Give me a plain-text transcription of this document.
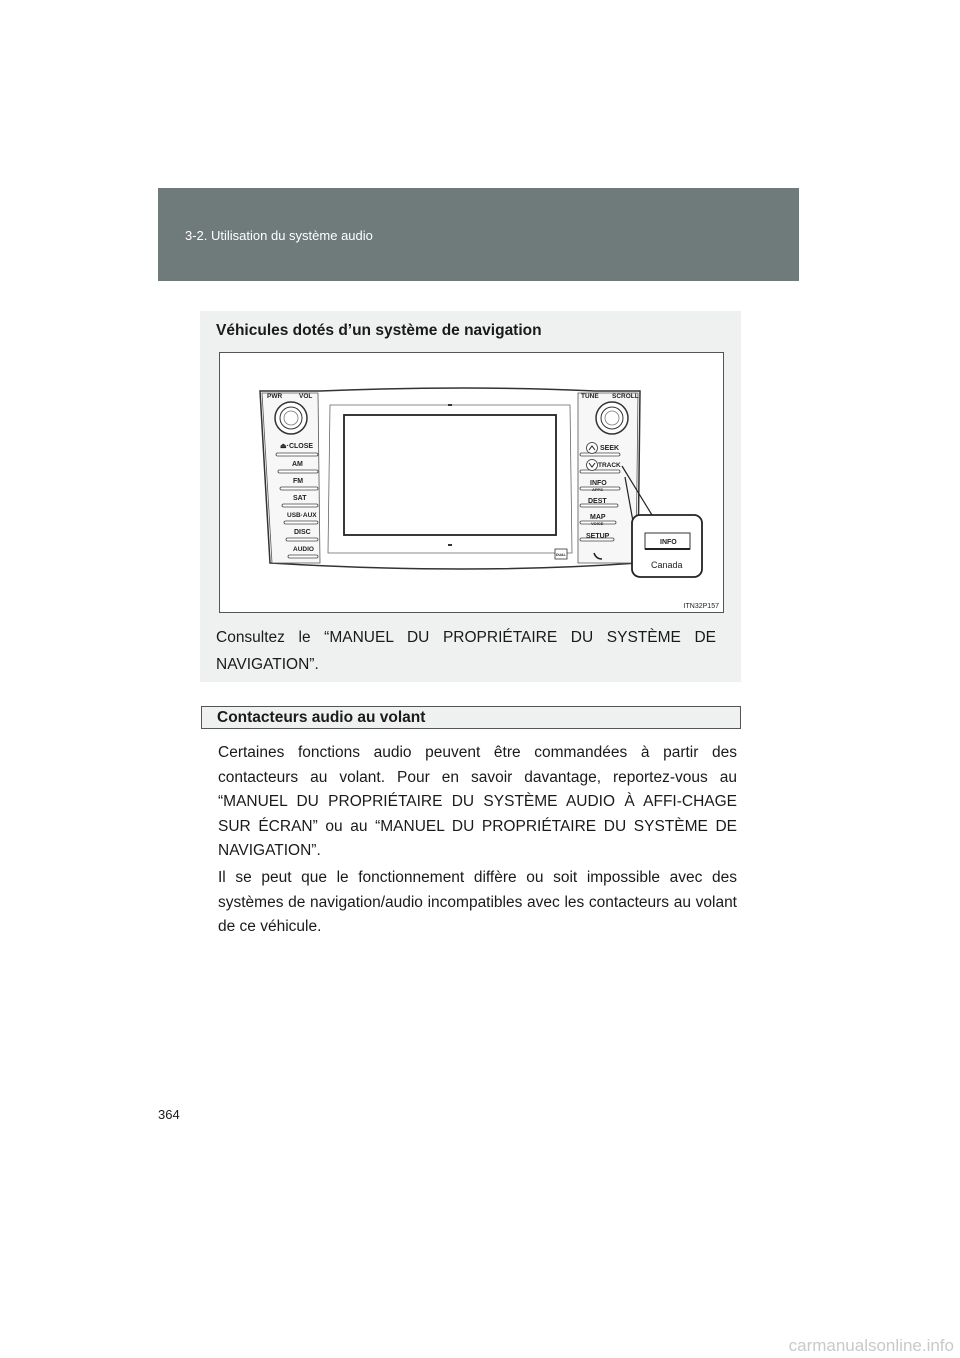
3-2. Utilisation du système audio
Véhicules dotés d’un système de navigation
PWR	VOL
⏏·CLOSE
AM
FM
SAT
USB·AUX
DISC
AUDIO
TUNE SCROLL
SEEK
TRACK
INFO
APPS
DEST
MAP
VOICE
SETUP
DUAL
INFO
Canada
ITN32P157
Consultez le “MANUEL DU PROPRIÉTAIRE DU SYSTÈME DE NAVIGATION”.
Contacteurs audio au volant
Certaines fonctions audio peuvent être commandées à partir des contacteurs au volant. Pour en savoir davantage, reportez-vous au “MANUEL DU PROPRIÉTAIRE DU SYSTÈME AUDIO À AFFI-CHAGE SUR ÉCRAN” ou au “MANUEL DU PROPRIÉTAIRE DU SYSTÈME DE NAVIGATION”.
Il se peut que le fonctionnement diffère ou soit impossible avec des systèmes de navigation/audio incompatibles avec les contacteurs au volant de ce véhicule.
364
carmanualsonline.info
